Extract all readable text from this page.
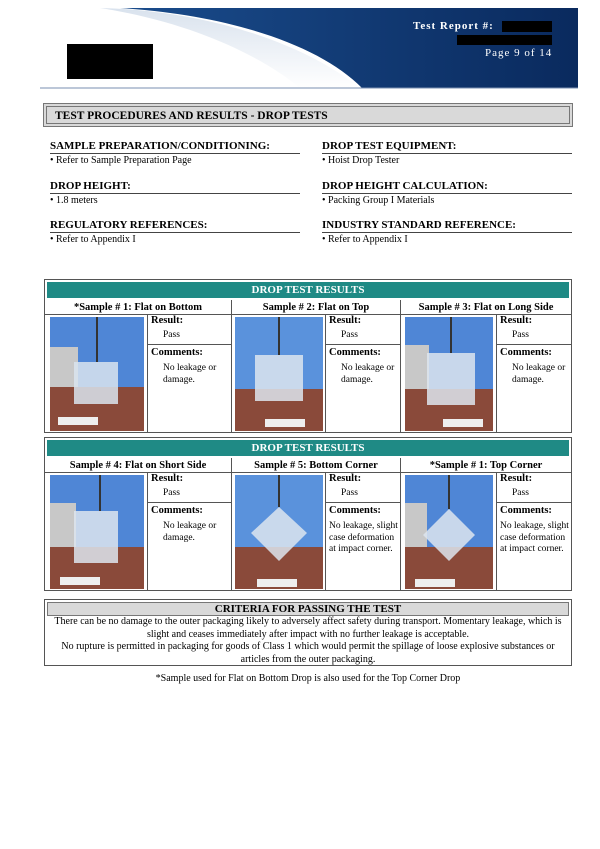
Test Report #:
Page 9 of 14
TEST PROCEDURES AND RESULTS - DROP TESTS
SAMPLE PREPARATION/CONDITIONING:
• Refer to Sample Preparation Page
DROP TEST EQUIPMENT:
• Hoist Drop Tester
DROP HEIGHT:
• 1.8 meters
DROP HEIGHT CALCULATION:
• Packing Group I Materials
REGULATORY REFERENCES:
• Refer to Appendix I
INDUSTRY STANDARD REFERENCE:
• Refer to Appendix I
DROP TEST RESULTS
*Sample # 1: Flat on Bottom	Sample # 2: Flat on Top	Sample # 3: Flat on Long Side
Result:
Pass
Comments:
No leakage or damage.
Result:
Pass
Comments:
No leakage or damage.
Result:
Pass
Comments:
No leakage or damage.
DROP TEST RESULTS
Sample # 4: Flat on Short Side	Sample # 5: Bottom Corner	*Sample # 1: Top Corner
Result:
Pass
Comments:
No leakage or damage.
Result:
Pass
Comments:
No leakage, slight case deformation at impact corner.
Result:
Pass
Comments:
No leakage, slight case deformation at impact corner.
CRITERIA FOR PASSING THE TEST
There can be no damage to the outer packaging likely to adversely affect safety during transport. Momentary leakage, which is slight and ceases immediately after impact with no further leakage is acceptable.
No rupture is permitted in packaging for goods of Class 1 which would permit the spillage of loose explosive substances or articles from the outer packaging.
*Sample used for Flat on Bottom Drop is also used for the Top Corner Drop
